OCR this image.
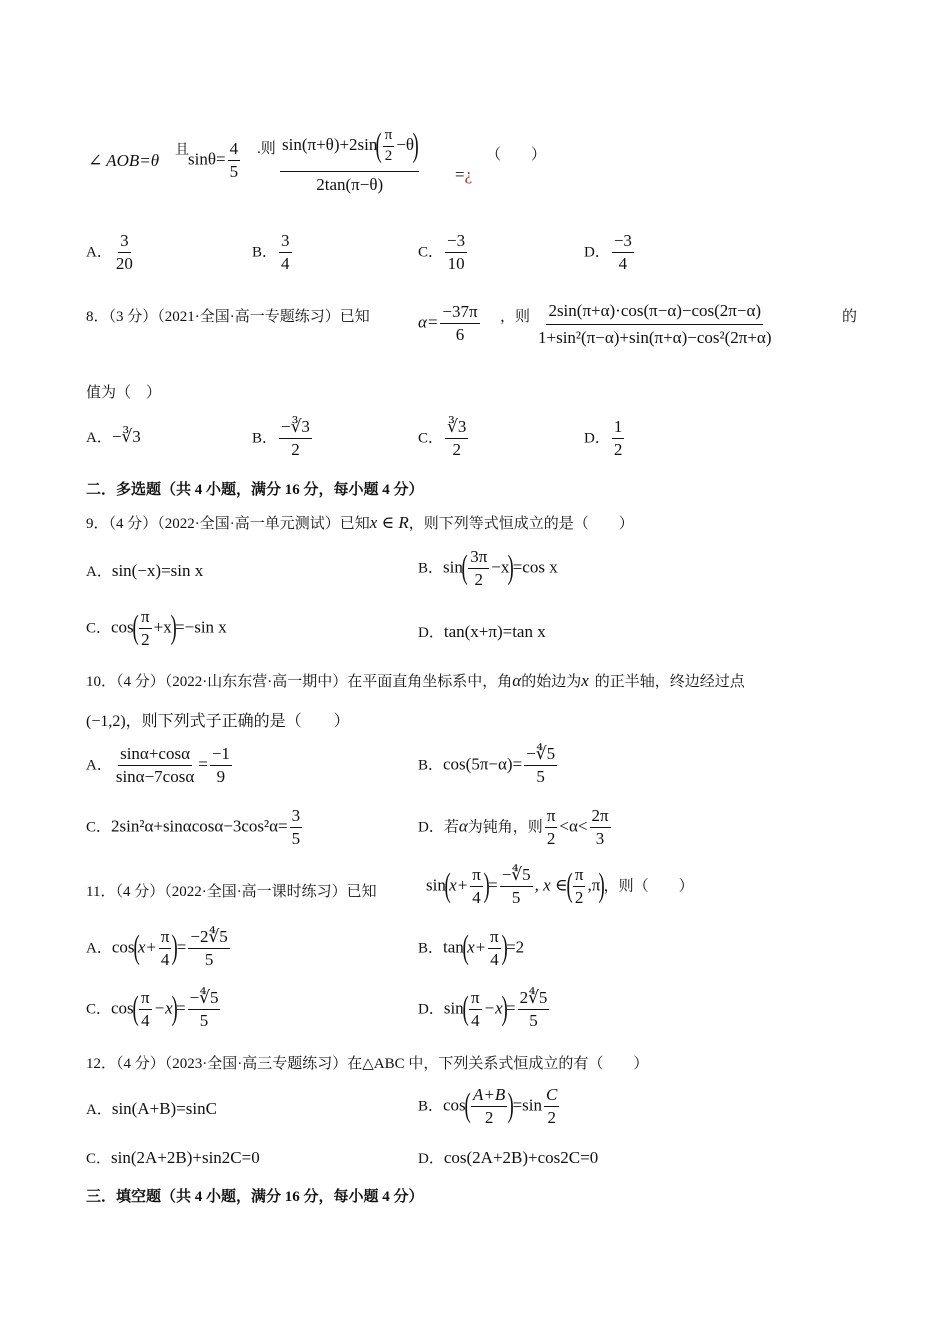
∠ AOB=θ
且 $\sin\theta= \frac{4}{5}$ .则 $\frac{\sin(\pi+\theta)+2\sin( \frac{\pi}{2} -\theta)}{2\tan(\pi-\theta)}$ =¿
（　　）
A． $\frac{3}{20}$	B． $\frac{3}{4}$	C． $\frac{-3}{10}$	D． $\frac{-3}{4}$
8．（3 分）（2021·全国·高一专题练习）已知	$\alpha= \frac{-37\pi}{6}$ ，则 $\frac{2\sin(\pi+\alpha)\cdot\cos(\pi-\alpha)-\cos(2\pi-\alpha)}{\text{1+sin²(π−α)+sin(π+α)−cos²(2π+α)}}$	的
值为（　）
A．−∛3	B． $\frac{-∛3}{2}$	C． $\frac{∛3}{2}$	D． $\frac{1}{2}$
二．多选题（共 4 小题，满分 16 分，每小题 4 分）
9．（4 分）（2022·全国·高一单元测试）已知x ∈ R，则下列等式恒成立的是（　　）
A．sin(−x)=sin x	B．$\sin( \frac{3\pi}{2} -x)=\cos$ x
C．$\cos( \frac{\pi}{2} +x)=-\sin$ x	D．tan(x+π)=tan x
10．（4 分）（2022·山东东营·高一期中）在平面直角坐标系中，角α的始边为x 的正半轴，终边经过点
(−1,2)，则下列式子正确的是（　　）
A． $\frac{\sin\alpha+\cos\alpha}{\sin\alpha-7\cos\alpha} = \frac{-1}{9}$	B．$\cos(5\pi-\alpha)= \frac{-∜5}{5}$
C．$2\sin^2\alpha+\sin\alpha\cos\alpha-3\cos^2\alpha= \frac{3}{5}$	D．若α为钝角，则 $\frac{\pi}{2} <\alpha< \frac{2\pi}{3}$
11．（4 分）（2022·全国·高一课时练习）已知	$\sin(x+ \frac{\pi}{4}$ )= $\frac{-∜5}{5}$ , x ∈( $\frac{\pi}{2} ,\pi$)，则（　　）
A．$\cos(x+ \frac{\pi}{4}$ )= $\frac{-2∜5}{5}$	B．$\tan(x+ \frac{\pi}{4} )=2$
C．$\cos( \frac{\pi}{4} -x)= \frac{-∜5}{5}$	D．$\sin( \frac{\pi}{4} -x)= \frac{2∜5}{5}$
12．（4 分）（2023·全国·高三专题练习）在△ABC 中，下列关系式恒成立的有（　　）
A．sin(A+B)=sinC	B．$\cos( \frac{A+B}{2} )=\sin \frac{C}{2}$
C．sin(2A+2B)+sin2C=0	D．cos(2A+2B)+cos2C=0
三．填空题（共 4 小题，满分 16 分，每小题 4 分）
